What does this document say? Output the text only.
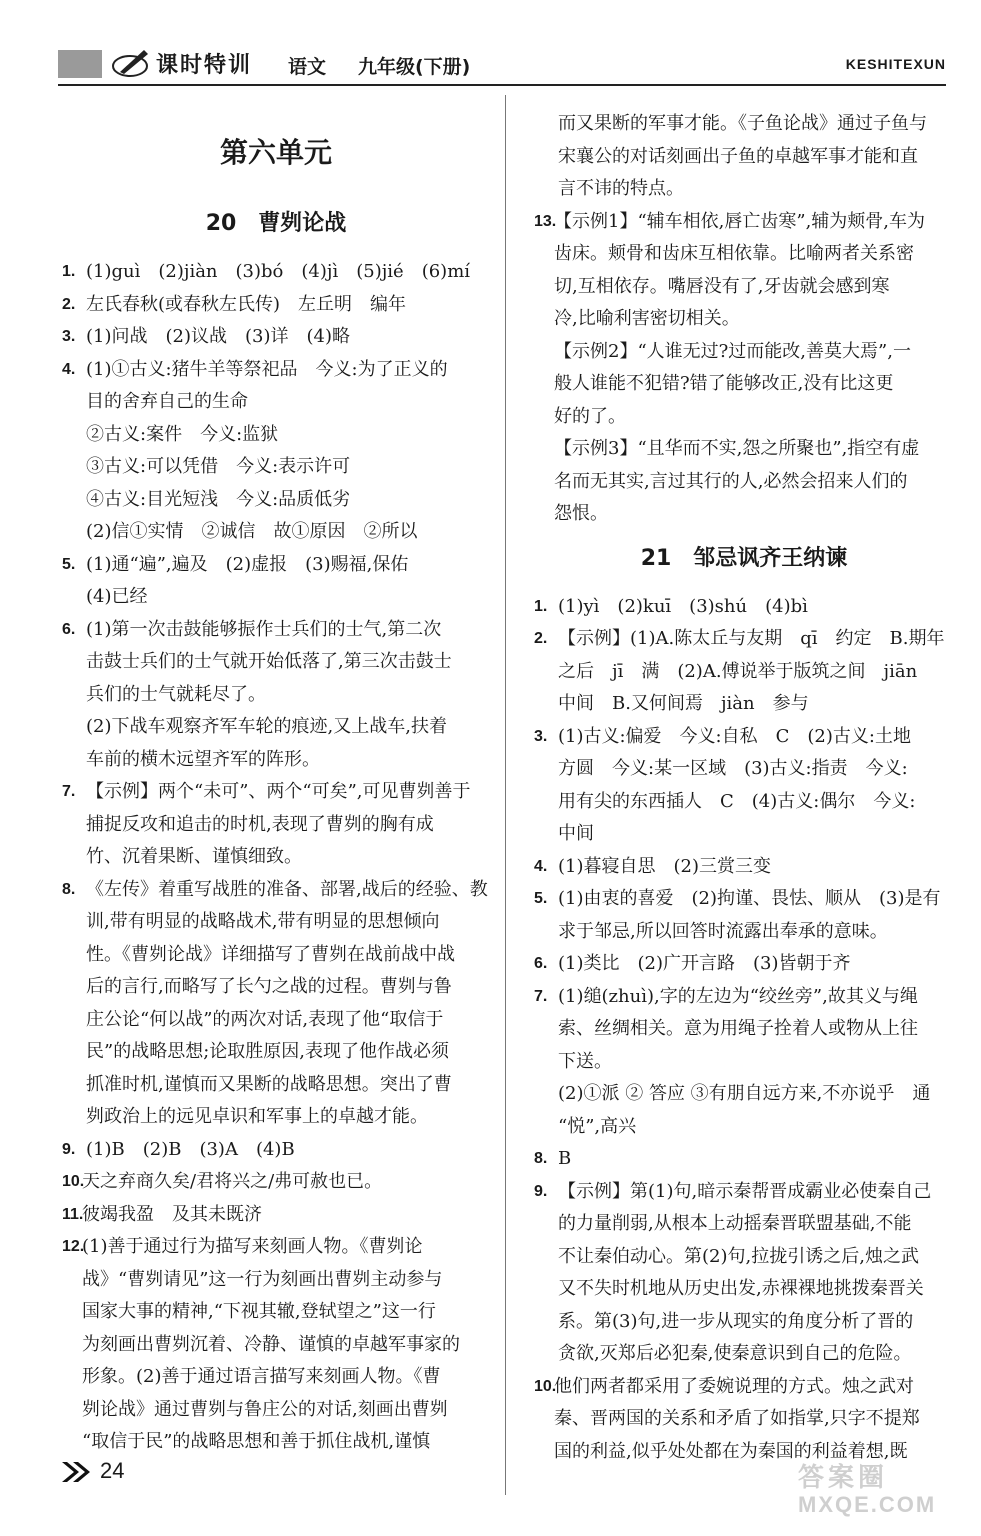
课时特训 语文 九年级(下册)	KESHITEXUN
第六单元
20　曹刿论战
1. (1)guì　(2)jiàn　(3)bó　(4)jì　(5)jié　(6)mí
2. 左氏春秋(或春秋左氏传)　左丘明　编年
3. (1)问战　(2)议战　(3)详　(4)略
4. (1)①古义:猪牛羊等祭祀品　今义:为了正义的
目的舍弃自己的生命
②古义:案件　今义:监狱
③古义:可以凭借　今义:表示许可
④古义:目光短浅　今义:品质低劣
(2)信①实情　②诚信　故①原因　②所以
5. (1)通“遍”,遍及　(2)虚报　(3)赐福,保佑
(4)已经
6. (1)第一次击鼓能够振作士兵们的士气,第二次
击鼓士兵们的士气就开始低落了,第三次击鼓士
兵们的士气就耗尽了。
(2)下战车观察齐军车轮的痕迹,又上战车,扶着
车前的横木远望齐军的阵形。
7. 【示例】两个“未可”、两个“可矣”,可见曹刿善于
捕捉反攻和追击的时机,表现了曹刿的胸有成
竹、沉着果断、谨慎细致。
8. 《左传》着重写战胜的准备、部署,战后的经验、教
训,带有明显的战略战术,带有明显的思想倾向
性。《曹刿论战》详细描写了曹刿在战前战中战
后的言行,而略写了长勺之战的过程。曹刿与鲁
庄公论“何以战”的两次对话,表现了他“取信于
民”的战略思想;论取胜原因,表现了他作战必须
抓准时机,谨慎而又果断的战略思想。突出了曹
刿政治上的远见卓识和军事上的卓越才能。
9. (1)B　(2)B　(3)A　(4)B
10.
天之弃商久矣/君将兴之/弗可赦也已。
11.
彼竭我盈　及其未既济
12.
(1)善于通过行为描写来刻画人物。《曹刿论
战》“曹刿请见”这一行为刻画出曹刿主动参与
国家大事的精神,“下视其辙,登轼望之”这一行
为刻画出曹刿沉着、冷静、谨慎的卓越军事家的
形象。(2)善于通过语言描写来刻画人物。《曹
刿论战》通过曹刿与鲁庄公的对话,刻画出曹刿
“取信于民”的战略思想和善于抓住战机,谨慎
而又果断的军事才能。《子鱼论战》通过子鱼与
宋襄公的对话刻画出子鱼的卓越军事才能和直
言不讳的特点。
13.
【示例1】“辅车相依,唇亡齿寒”,辅为颊骨,车为
齿床。颊骨和齿床互相依靠。比喻两者关系密
切,互相依存。嘴唇没有了,牙齿就会感到寒
冷,比喻利害密切相关。
【示例2】“人谁无过?过而能改,善莫大焉”,一
般人谁能不犯错?错了能够改正,没有比这更
好的了。
【示例3】“且华而不实,怨之所聚也”,指空有虚
名而无其实,言过其行的人,必然会招来人们的
怨恨。
21　邹忌讽齐王纳谏
1. (1)yì　(2)kuī　(3)shú　(4)bì
2. 【示例】(1)A.陈太丘与友期　qī　约定　B.期年
之后　jī　满　(2)A.傅说举于版筑之间　jiān
中间　B.又何间焉　jiàn　参与
3. (1)古义:偏爱　今义:自私　C　(2)古义:土地
方圆　今义:某一区域　(3)古义:指责　今义:
用有尖的东西插人　C　(4)古义:偶尔　今义:
中间
4. (1)暮寝自思　(2)三赏三变
5. (1)由衷的喜爱　(2)拘谨、畏怯、顺从　(3)是有
求于邹忌,所以回答时流露出奉承的意味。
6. (1)类比　(2)广开言路　(3)皆朝于齐
7. (1)缒(zhuì),字的左边为“绞丝旁”,故其义与绳
索、丝绸相关。意为用绳子拴着人或物从上往
下送。
(2)①派 ② 答应 ③有朋自远方来,不亦说乎　通
“悦”,高兴
8. B
9. 【示例】第(1)句,暗示秦帮晋成霸业必使秦自己
的力量削弱,从根本上动摇秦晋联盟基础,不能
不让秦伯动心。第(2)句,拉拢引诱之后,烛之武
又不失时机地从历史出发,赤裸裸地挑拨秦晋关
系。第(3)句,进一步从现实的角度分析了晋的
贪欲,灭郑后必犯秦,使秦意识到自己的危险。
10.
他们两者都采用了委婉说理的方式。烛之武对
秦、晋两国的关系和矛盾了如指掌,只字不提郑
国的利益,似乎处处都在为秦国的利益着想,既
24	答案圈
MXQE.COM
